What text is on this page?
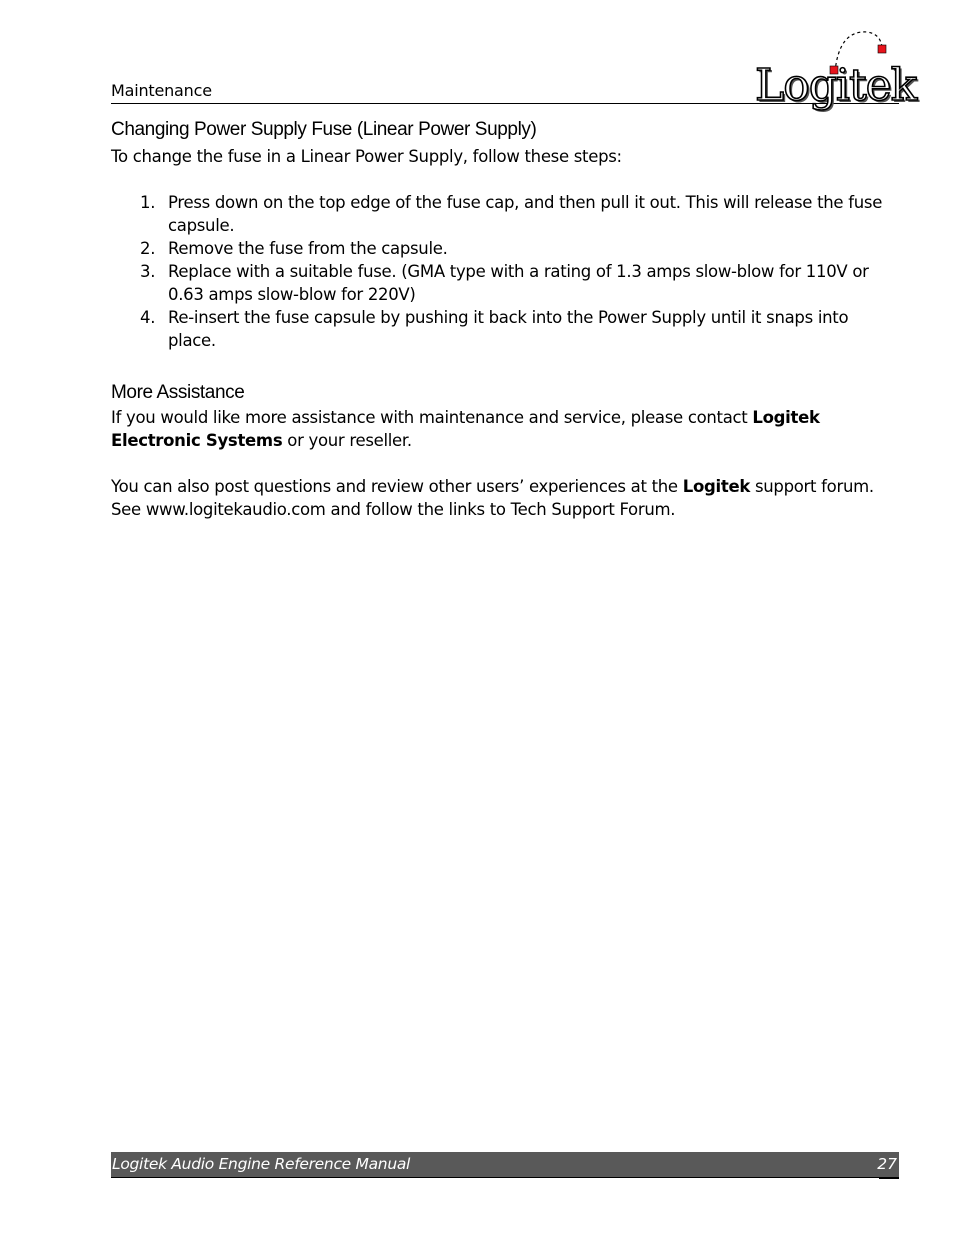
Maintenance	Logitek
Changing Power Supply Fuse (Linear Power Supply)

To change the fuse in a Linear Power Supply, follow these steps:

1. Press down on the top edge of the fuse cap, and then pull it out. This will release the fuse capsule.
2. Remove the fuse from the capsule.
3. Replace with a suitable fuse. (GMA type with a rating of 1.3 amps slow-blow for 110V or 0.63 amps slow-blow for 220V)
4. Re-insert the fuse capsule by pushing it back into the Power Supply until it snaps into place.
More Assistance

If you would like more assistance with maintenance and service, please contact Logitek Electronic Systems or your reseller.

You can also post questions and review other users’ experiences at the Logitek support forum. See www.logitekaudio.com and follow the links to Tech Support Forum.

Logitek Audio Engine Reference Manual	27
